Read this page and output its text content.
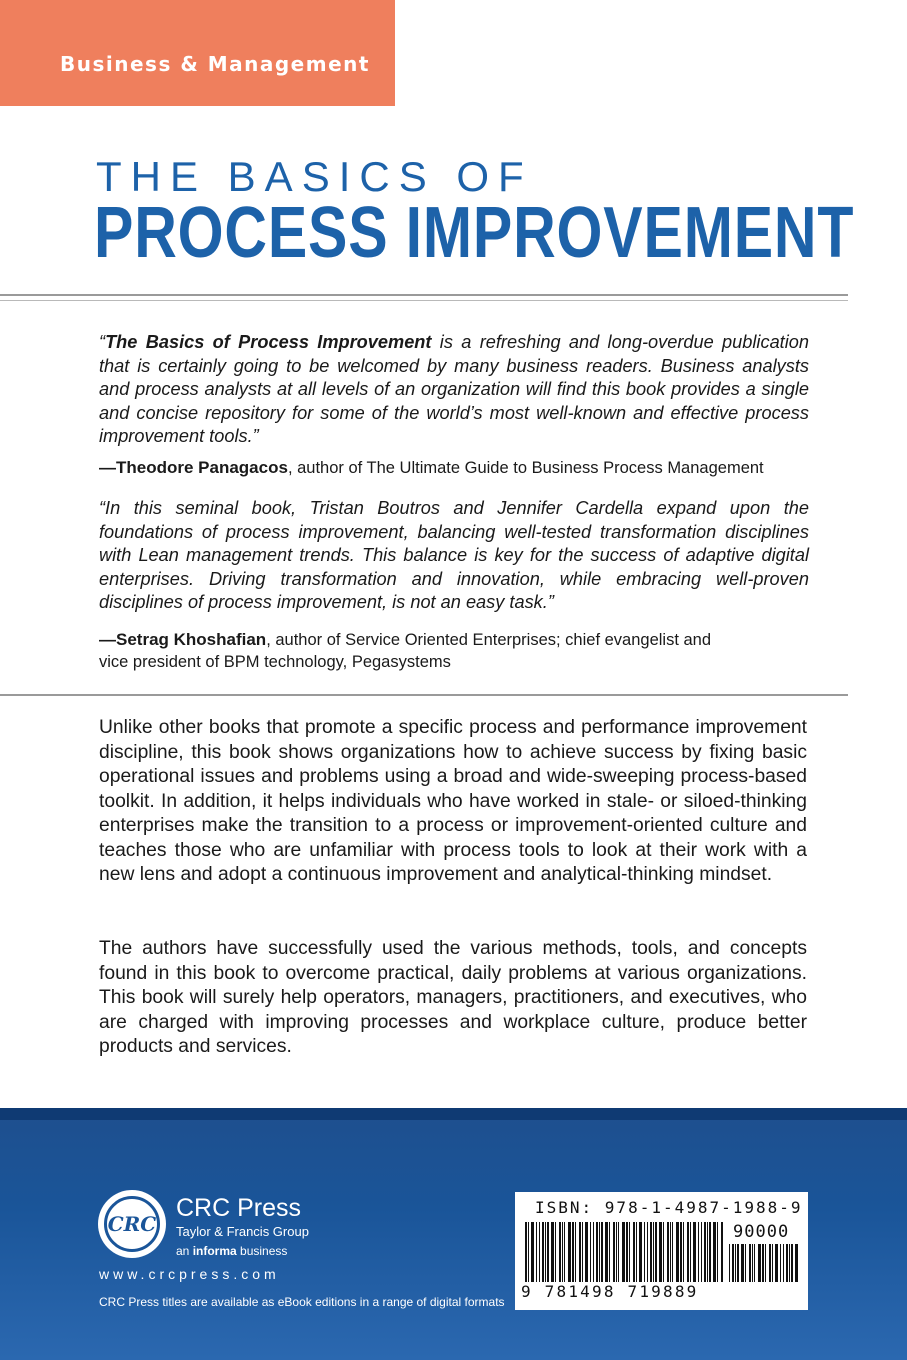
Business & Management
THE BASICS OF
PROCESS IMPROVEMENT

“The Basics of Process Improvement is a refreshing and long-overdue publication that is certainly going to be welcomed by many business readers. Business analysts and process analysts at all levels of an organization will find this book provides a single and concise repository for some of the world’s most well-known and effective process improvement tools.”

—Theodore Panagacos, author of The Ultimate Guide to Business Process Management

“In this seminal book, Tristan Boutros and Jennifer Cardella expand upon the foundations of process improvement, balancing well-tested transformation disciplines with Lean management trends. This balance is key for the success of adaptive digital enterprises. Driving transformation and innovation, while embracing well-proven disciplines of process improvement, is not an easy task.”

—Setrag Khoshafian, author of Service Oriented Enterprises; chief evangelist and
vice president of BPM technology, Pegasystems

Unlike other books that promote a specific process and performance improvement discipline, this book shows organizations how to achieve success by fixing basic operational issues and problems using a broad and wide-sweeping process-based toolkit. In addition, it helps individuals who have worked in stale- or siloed-thinking enterprises make the transition to a process or improvement-oriented culture and teaches those who are unfamiliar with process tools to look at their work with a new lens and adopt a continuous improvement and analytical-thinking mindset.

The authors have successfully used the various methods, tools, and concepts found in this book to overcome practical, daily problems at various organizations. This book will surely help operators, managers, practitioners, and executives, who are charged with improving processes and workplace culture, produce better products and services.

CRC
CRC Press
Taylor & Francis Group
an informa business
www.crcpress.com
CRC Press titles are available as eBook editions in a range of digital formats
ISBN: 978-1-4987-1988-9
90000
9 781498 719889
